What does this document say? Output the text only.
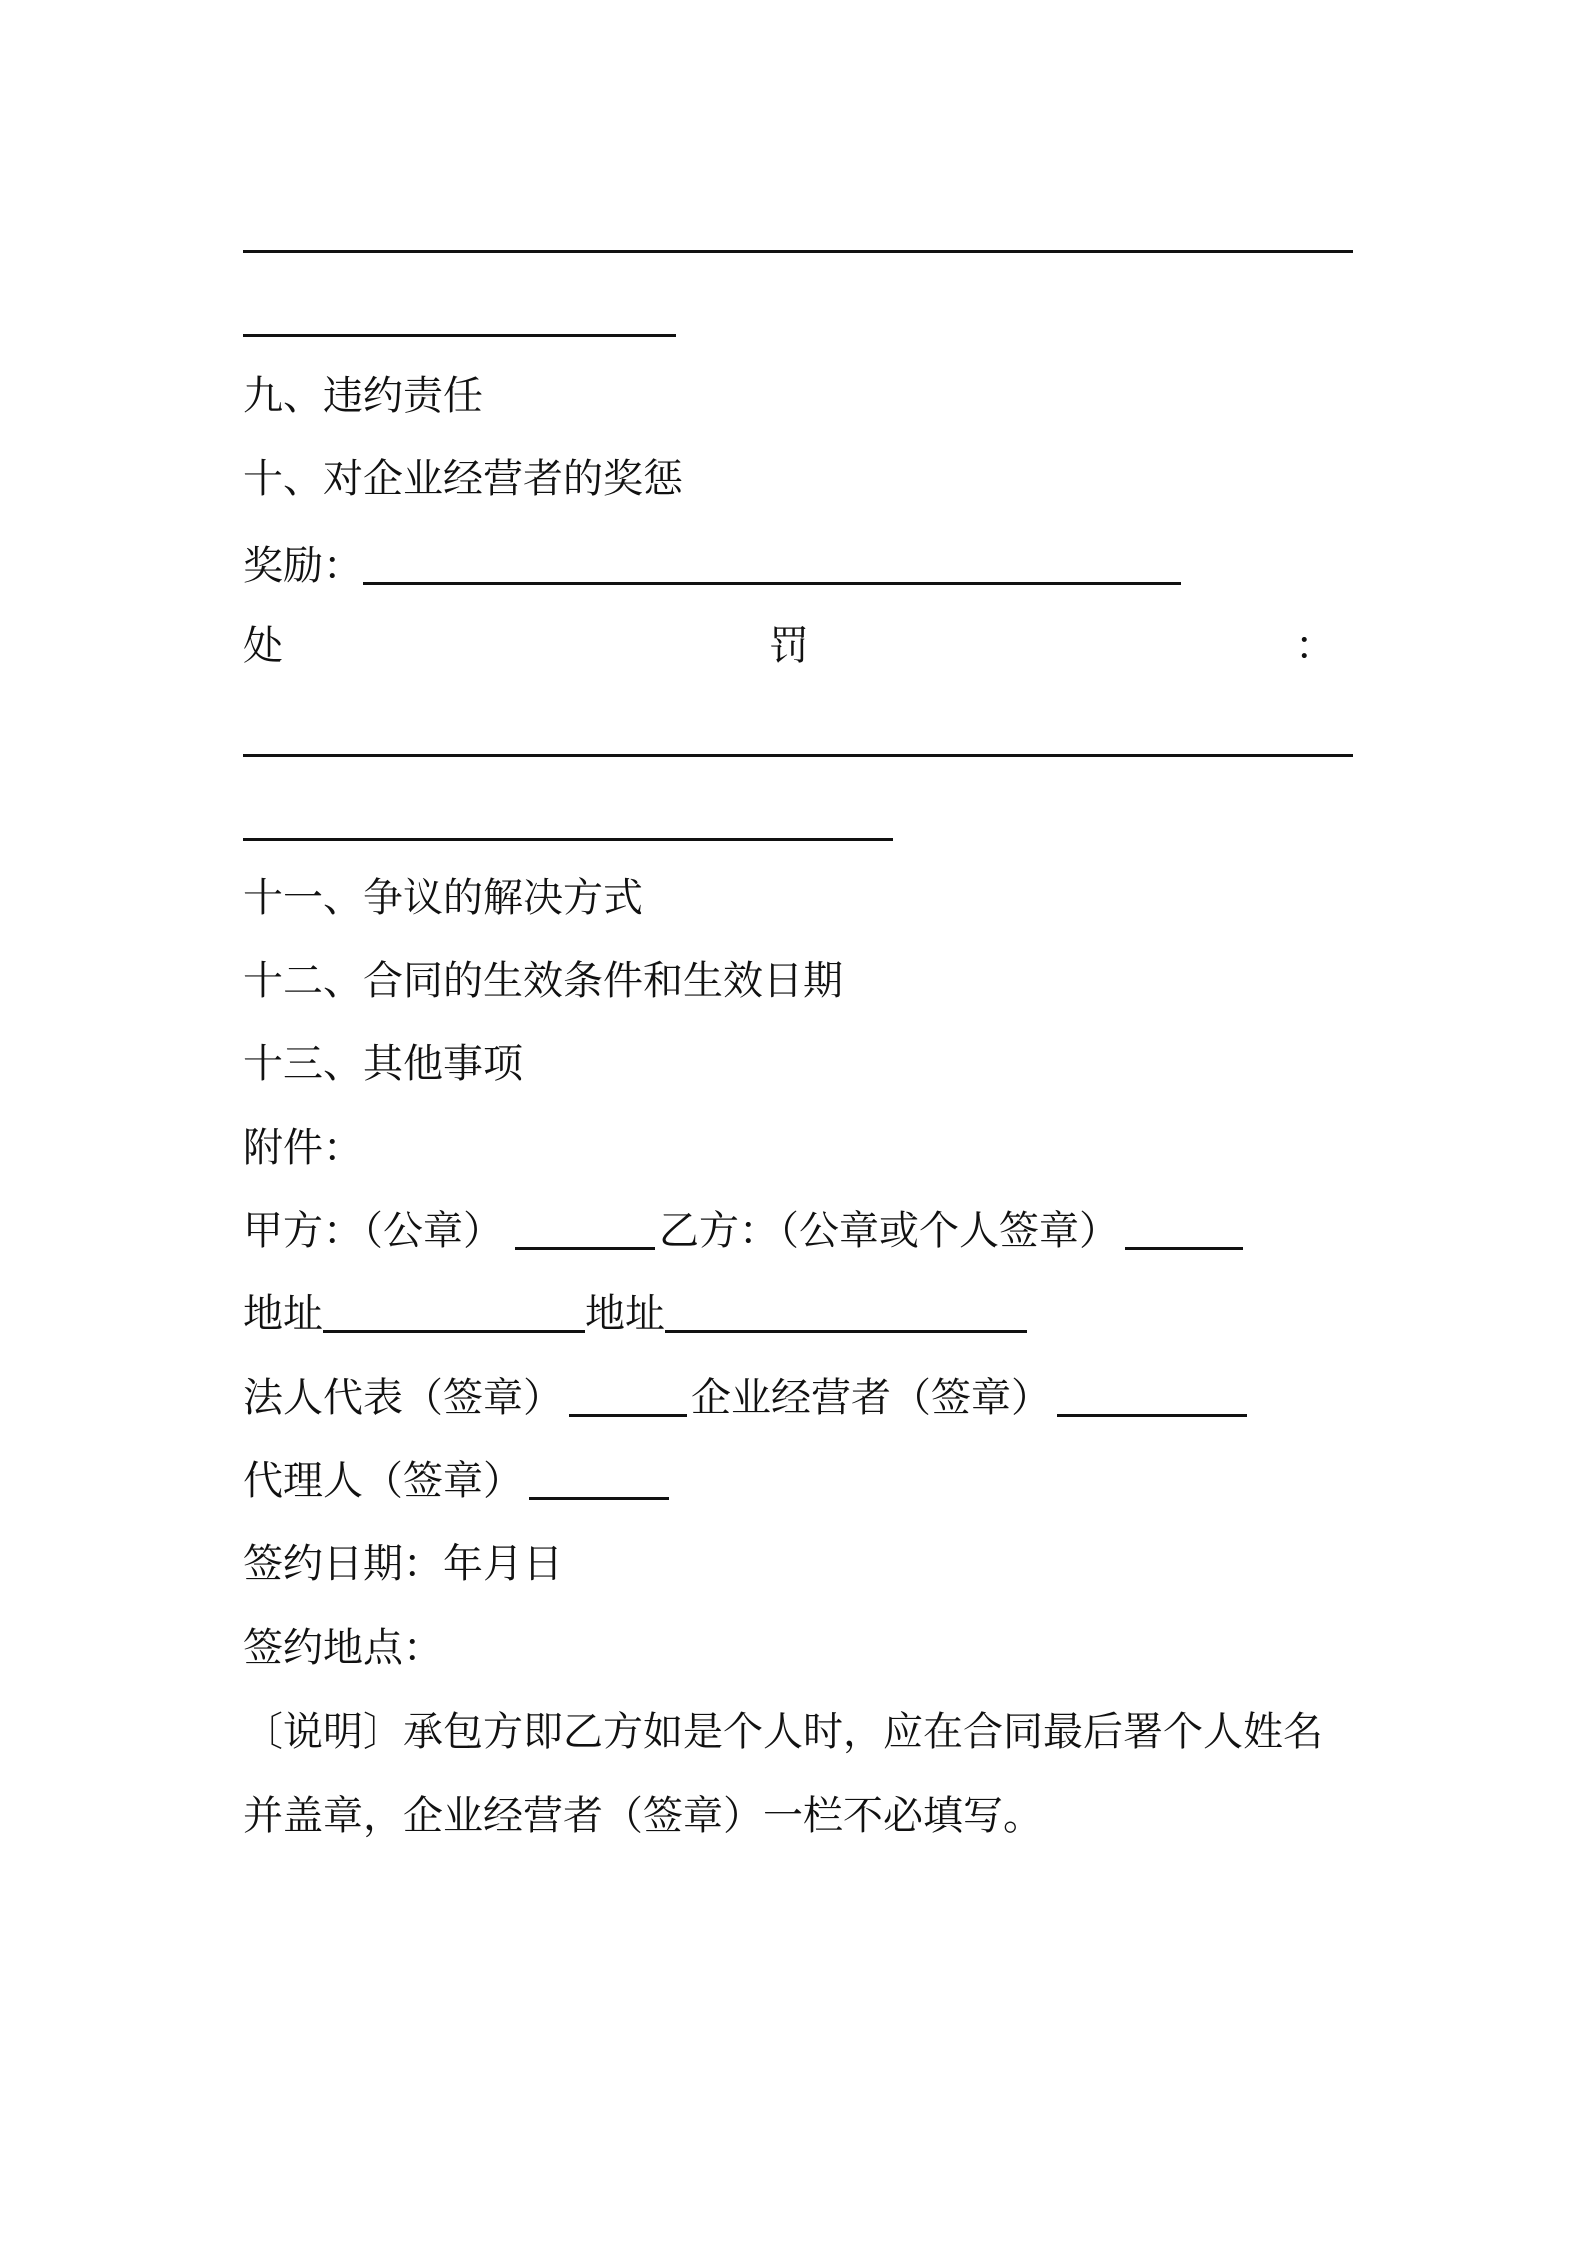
九、违约责任
十、对企业经营者的奖惩
奖励：
处	罚	：
十一、争议的解决方式
十二、合同的生效条件和生效日期
十三、其他事项
附件：
甲方：（公章）	乙方：（公章或个人签章）
地址	地址
法人代表（签章）	企业经营者（签章）
代理人（签章）
签约日期：年月日
签约地点：
〔说明〕承包方即乙方如是个人时，应在合同最后署个人姓名并盖章，企业经营者（签章）一栏不必填写。
